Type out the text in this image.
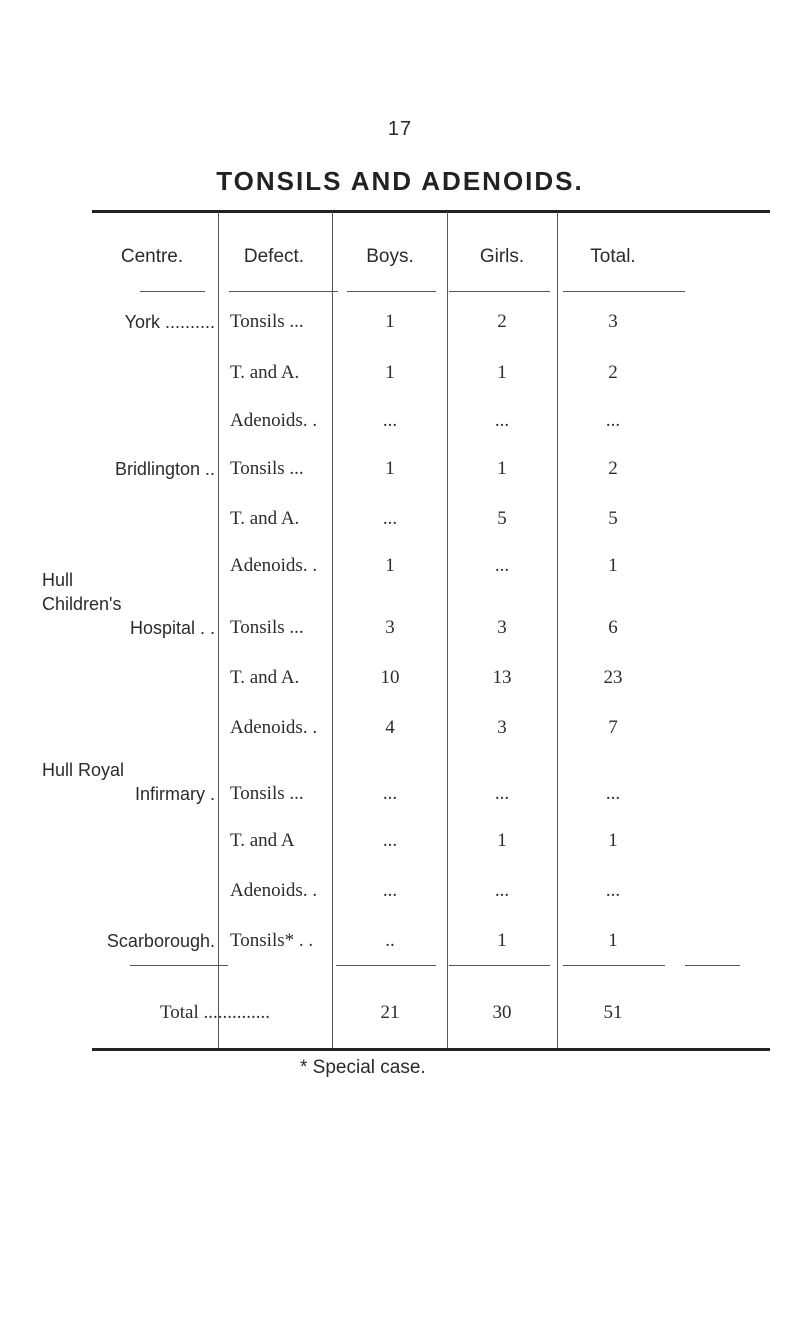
17
TONSILS AND ADENOIDS.
Centre.	Defect.	Boys.	Girls.	Total.
York .......... Tonsils ...	1	2	3
T. and A.	1	1	2
Adenoids. .	...	...	...
Bridlington .. Tonsils ...	1	1	2
T. and A.	...	5	5
Adenoids. .	1	...	1
Hull
Children's
Hospital . . Tonsils ...	3	3	6
T. and A.	10	13	23
Adenoids. .	4	3	7
Hull Royal
Infirmary . Tonsils ...	...	...	...
T. and A	...	1	1
Adenoids. .	...	...	...
Scarborough. Tonsils* . .	..	1	1
Total ..............	21	30	51
* Special case.
